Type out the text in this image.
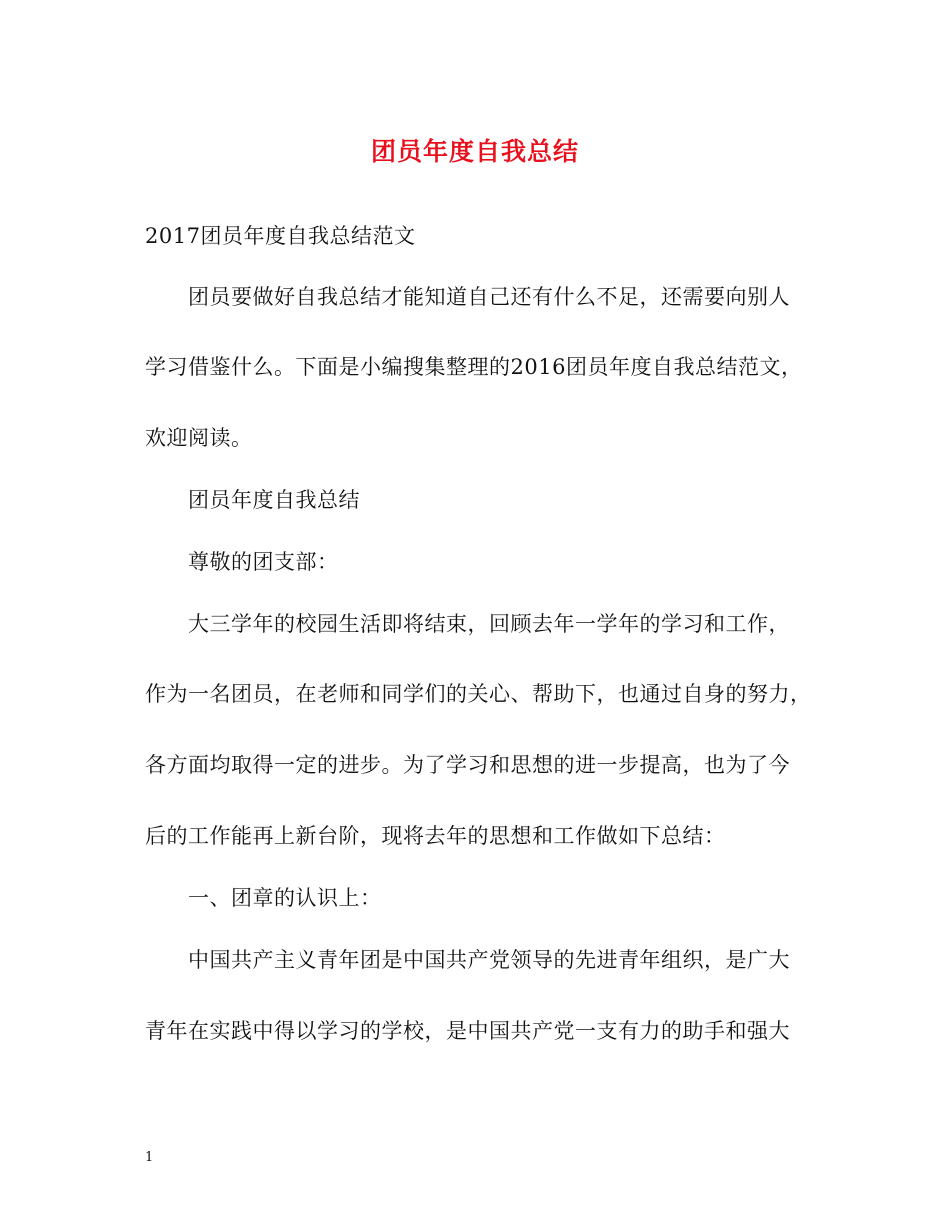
团员年度自我总结
2017团员年度自我总结范文
团员要做好自我总结才能知道自己还有什么不足，还需要向别人
学习借鉴什么。下面是小编搜集整理的2016团员年度自我总结范文，
欢迎阅读。
团员年度自我总结
尊敬的团支部：
大三学年的校园生活即将结束，回顾去年一学年的学习和工作，
作为一名团员，在老师和同学们的关心、帮助下，也通过自身的努力，
各方面均取得一定的进步。为了学习和思想的进一步提高，也为了今
后的工作能再上新台阶，现将去年的思想和工作做如下总结：
一、团章的认识上：
中国共产主义青年团是中国共产党领导的先进青年组织，是广大
青年在实践中得以学习的学校，是中国共产党一支有力的助手和强大
1
